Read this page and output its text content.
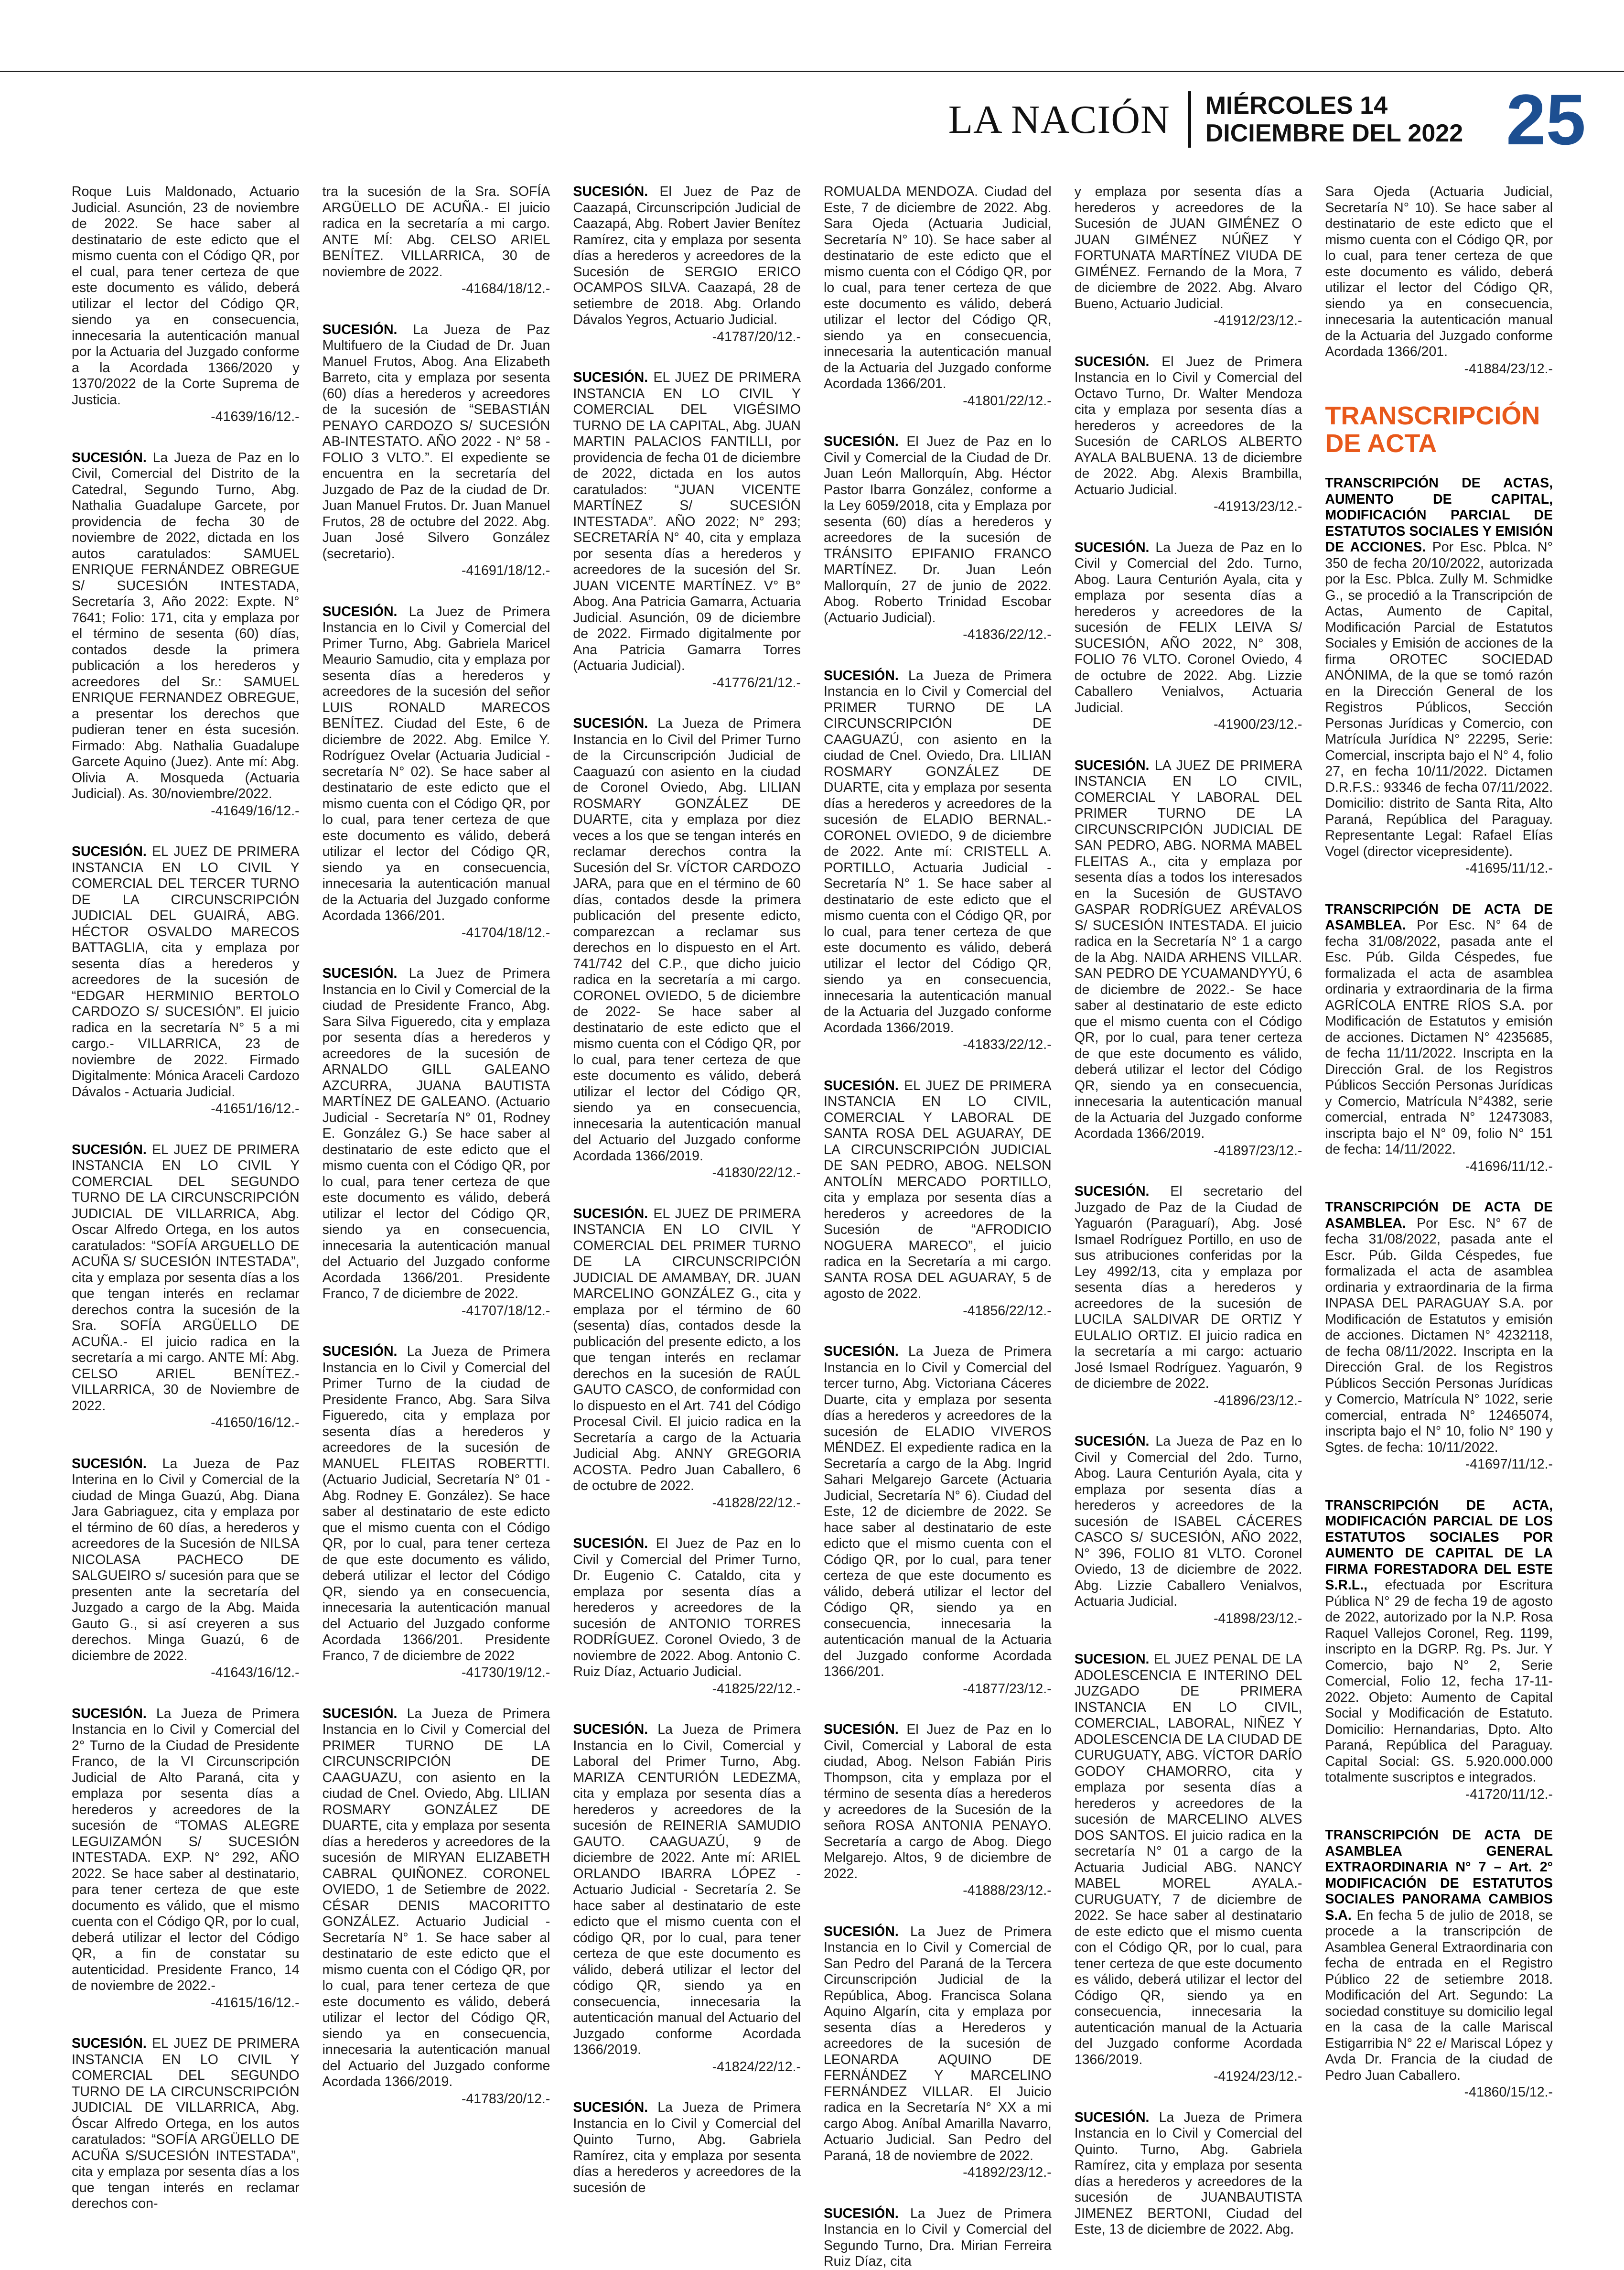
LA NACIÓN	MIÉRCOLES 14
DICIEMBRE DEL 2022 25

Roque Luis Maldonado, Actuario Judicial. Asunción, 23 de noviembre de 2022. Se hace saber al destinatario de este edicto que el mismo cuenta con el Código QR, por el cual, para tener certeza de que este documento es válido, deberá utilizar el lector del Código QR, siendo ya en consecuencia, innecesaria la autenticación manual por la Actuaria del Juzgado conforme a la Acordada 1366/2020 y 1370/2022 de la Corte Suprema de Justicia.
-41639/16/12.-

SUCESIÓN. La Jueza de Paz en lo Civil, Comercial del Distrito de la Catedral, Segundo Turno, Abg. Nathalia Guadalupe Garcete, por providencia de fecha 30 de noviembre de 2022, dictada en los autos caratulados: SAMUEL ENRIQUE FERNÁNDEZ OBREGUE S/ SUCESIÓN INTESTADA, Secretaría 3, Año 2022: Expte. N° 7641; Folio: 171, cita y emplaza por el término de sesenta (60) días, contados desde la primera publicación a los herederos y acreedores del Sr.: SAMUEL ENRIQUE FERNANDEZ OBREGUE, a presentar los derechos que pudieran tener en ésta sucesión. Firmado: Abg. Nathalia Guadalupe Garcete Aquino (Juez). Ante mí: Abg. Olivia A. Mosqueda (Actuaria Judicial). As. 30/noviembre/2022.
-41649/16/12.-

SUCESIÓN. EL JUEZ DE PRIMERA INSTANCIA EN LO CIVIL Y COMERCIAL DEL TERCER TURNO DE LA CIRCUNSCRIPCIÓN JUDICIAL DEL GUAIRÁ, ABG. HÉCTOR OSVALDO MARECOS BATTAGLIA, cita y emplaza por sesenta días a herederos y acreedores de la sucesión de “EDGAR HERMINIO BERTOLO CARDOZO S/ SUCESIÓN”. El juicio radica en la secretaría N° 5 a mi cargo.- VILLARRICA, 23 de noviembre de 2022. Firmado Digitalmente: Mónica Araceli Cardozo Dávalos - Actuaria Judicial.
-41651/16/12.-

SUCESIÓN. EL JUEZ DE PRIMERA INSTANCIA EN LO CIVIL Y COMERCIAL DEL SEGUNDO TURNO DE LA CIRCUNSCRIPCIÓN JUDICIAL DE VILLARRICA, Abg. Oscar Alfredo Ortega, en los autos caratulados: “SOFÍA ARGUELLO DE ACUÑA S/ SUCESIÓN INTESTADA”, cita y emplaza por sesenta días a los que tengan interés en reclamar derechos contra la sucesión de la Sra. SOFÍA ARGÜELLO DE ACUÑA.- El juicio radica en la secretaría a mi cargo. ANTE MÍ: Abg. CELSO ARIEL BENÍTEZ.- VILLARRICA, 30 de Noviembre de 2022.
-41650/16/12.-

SUCESIÓN. La Jueza de Paz Interina en lo Civil y Comercial de la ciudad de Minga Guazú, Abg. Diana Jara Gabriaguez, cita y emplaza por el término de 60 días, a herederos y acreedores de la Sucesión de NILSA NICOLASA PACHECO DE SALGUEIRO s/ sucesión para que se presenten ante la secretaría del Juzgado a cargo de la Abg. Maida Gauto G., si así creyeren a sus derechos. Minga Guazú, 6 de diciembre de 2022.
-41643/16/12.-

SUCESIÓN. La Jueza de Primera Instancia en lo Civil y Comercial del 2° Turno de la Ciudad de Presidente Franco, de la VI Circunscripción Judicial de Alto Paraná, cita y emplaza por sesenta días a herederos y acreedores de la sucesión de “TOMAS ALEGRE LEGUIZAMÓN S/ SUCESIÓN INTESTADA. EXP. N° 292, AÑO 2022. Se hace saber al destinatario, para tener certeza de que este documento es válido, que el mismo cuenta con el Código QR, por lo cual, deberá utilizar el lector del Código QR, a fin de constatar su autenticidad. Presidente Franco, 14 de noviembre de 2022.-
-41615/16/12.-

SUCESIÓN. EL JUEZ DE PRIMERA INSTANCIA EN LO CIVIL Y COMERCIAL DEL SEGUNDO TURNO DE LA CIRCUNSCRIPCIÓN JUDICIAL DE VILLARRICA, Abg. Óscar Alfredo Ortega, en los autos caratulados: “SOFÍA ARGÜELLO DE ACUÑA S/SUCESIÓN INTESTADA”, cita y emplaza por sesenta días a los que tengan interés en reclamar derechos con-

tra la sucesión de la Sra. SOFÍA ARGÜELLO DE ACUÑA.- El juicio radica en la secretaría a mi cargo. ANTE MÍ: Abg. CELSO ARIEL BENÍTEZ. VILLARRICA, 30 de noviembre de 2022.
-41684/18/12.-

SUCESIÓN. La Jueza de Paz Multifuero de la Ciudad de Dr. Juan Manuel Frutos, Abog. Ana Elizabeth Barreto, cita y emplaza por sesenta (60) días a herederos y acreedores de la sucesión de “SEBASTIÁN PENAYO CARDOZO S/ SUCESIÓN AB-INTESTATO. AÑO 2022 - N° 58 - FOLIO 3 VLTO.”. El expediente se encuentra en la secretaría del Juzgado de Paz de la ciudad de Dr. Juan Manuel Frutos. Dr. Juan Manuel Frutos, 28 de octubre del 2022. Abg. Juan José Silvero González (secretario).
-41691/18/12.-

SUCESIÓN. La Juez de Primera Instancia en lo Civil y Comercial del Primer Turno, Abg. Gabriela Maricel Meaurio Samudio, cita y emplaza por sesenta días a herederos y acreedores de la sucesión del señor LUIS RONALD MARECOS BENÍTEZ. Ciudad del Este, 6 de diciembre de 2022. Abg. Emilce Y. Rodríguez Ovelar (Actuaria Judicial - secretaría N° 02). Se hace saber al destinatario de este edicto que el mismo cuenta con el Código QR, por lo cual, para tener certeza de que este documento es válido, deberá utilizar el lector del Código QR, siendo ya en consecuencia, innecesaria la autenticación manual de la Actuaria del Juzgado conforme Acordada 1366/201.
-41704/18/12.-

SUCESIÓN. La Juez de Primera Instancia en lo Civil y Comercial de la ciudad de Presidente Franco, Abg. Sara Silva Figueredo, cita y emplaza por sesenta días a herederos y acreedores de la sucesión de ARNALDO GILL GALEANO AZCURRA, JUANA BAUTISTA MARTÍNEZ DE GALEANO. (Actuario Judicial - Secretaría N° 01, Rodney E. González G.) Se hace saber al destinatario de este edicto que el mismo cuenta con el Código QR, por lo cual, para tener certeza de que este documento es válido, deberá utilizar el lector del Código QR, siendo ya en consecuencia, innecesaria la autenticación manual del Actuario del Juzgado conforme Acordada 1366/201. Presidente Franco, 7 de diciembre de 2022.
-41707/18/12.-

SUCESIÓN. La Jueza de Primera Instancia en lo Civil y Comercial del Primer Turno de la ciudad de Presidente Franco, Abg. Sara Silva Figueredo, cita y emplaza por sesenta días a herederos y acreedores de la sucesión de MANUEL FLEITAS ROBERTTI. (Actuario Judicial, Secretaría N° 01 - Abg. Rodney E. González). Se hace saber al destinatario de este edicto que el mismo cuenta con el Código QR, por lo cual, para tener certeza de que este documento es válido, deberá utilizar el lector del Código QR, siendo ya en consecuencia, innecesaria la autenticación manual del Actuario del Juzgado conforme Acordada 1366/201. Presidente Franco, 7 de diciembre de 2022
-41730/19/12.-

SUCESIÓN. La Jueza de Primera Instancia en lo Civil y Comercial del PRIMER TURNO DE LA CIRCUNSCRIPCIÓN DE CAAGUAZU, con asiento en la ciudad de Cnel. Oviedo, Abg. LILIAN ROSMARY GONZÁLEZ DE DUARTE, cita y emplaza por sesenta días a herederos y acreedores de la sucesión de MIRYAN ELIZABETH CABRAL QUIÑONEZ. CORONEL OVIEDO, 1 de Setiembre de 2022. CÉSAR DENIS MACORITTO GONZÁLEZ. Actuario Judicial - Secretaría N° 1. Se hace saber al destinatario de este edicto que el mismo cuenta con el Código QR, por lo cual, para tener certeza de que este documento es válido, deberá utilizar el lector del Código QR, siendo ya en consecuencia, innecesaria la autenticación manual del Actuario del Juzgado conforme Acordada 1366/2019.
-41783/20/12.-

SUCESIÓN. El Juez de Paz de Caazapá, Circunscripción Judicial de Caazapá, Abg. Robert Javier Benítez Ramírez, cita y emplaza por sesenta días a herederos y acreedores de la Sucesión de SERGIO ERICO OCAMPOS SILVA. Caazapá, 28 de setiembre de 2018. Abg. Orlando Dávalos Yegros, Actuario Judicial.
-41787/20/12.-

SUCESIÓN. EL JUEZ DE PRIMERA INSTANCIA EN LO CIVIL Y COMERCIAL DEL VIGÉSIMO TURNO DE LA CAPITAL, Abg. JUAN MARTIN PALACIOS FANTILLI, por providencia de fecha 01 de diciembre de 2022, dictada en los autos caratulados: “JUAN VICENTE MARTÍNEZ S/ SUCESIÓN INTESTADA”. AÑO 2022; N° 293; SECRETARÍA N° 40, cita y emplaza por sesenta días a herederos y acreedores de la sucesión del Sr. JUAN VICENTE MARTÍNEZ. V° B° Abog. Ana Patricia Gamarra, Actuaria Judicial. Asunción, 09 de diciembre de 2022. Firmado digitalmente por Ana Patricia Gamarra Torres (Actuaria Judicial).
-41776/21/12.-

SUCESIÓN. La Jueza de Primera Instancia en lo Civil del Primer Turno de la Circunscripción Judicial de Caaguazú con asiento en la ciudad de Coronel Oviedo, Abg. LILIAN ROSMARY GONZÁLEZ DE DUARTE, cita y emplaza por diez veces a los que se tengan interés en reclamar derechos contra la Sucesión del Sr. VÍCTOR CARDOZO JARA, para que en el término de 60 días, contados desde la primera publicación del presente edicto, comparezcan a reclamar sus derechos en lo dispuesto en el Art. 741/742 del C.P., que dicho juicio radica en la secretaría a mi cargo. CORONEL OVIEDO, 5 de diciembre de 2022- Se hace saber al destinatario de este edicto que el mismo cuenta con el Código QR, por lo cual, para tener certeza de que este documento es válido, deberá utilizar el lector del Código QR, siendo ya en consecuencia, innecesaria la autenticación manual del Actuario del Juzgado conforme Acordada 1366/2019.
-41830/22/12.-

SUCESIÓN. EL JUEZ DE PRIMERA INSTANCIA EN LO CIVIL Y COMERCIAL DEL PRIMER TURNO DE LA CIRCUNSCRIPCIÓN JUDICIAL DE AMAMBAY, DR. JUAN MARCELINO GONZÁLEZ G., cita y emplaza por el término de 60 (sesenta) días, contados desde la publicación del presente edicto, a los que tengan interés en reclamar derechos en la sucesión de RAÚL GAUTO CASCO, de conformidad con lo dispuesto en el Art. 741 del Código Procesal Civil. El juicio radica en la Secretaría a cargo de la Actuaria Judicial Abg. ANNY GREGORIA ACOSTA. Pedro Juan Caballero, 6 de octubre de 2022.
-41828/22/12.-

SUCESIÓN. El Juez de Paz en lo Civil y Comercial del Primer Turno, Dr. Eugenio C. Cataldo, cita y emplaza por sesenta días a herederos y acreedores de la sucesión de ANTONIO TORRES RODRÍGUEZ. Coronel Oviedo, 3 de noviembre de 2022. Abog. Antonio C. Ruiz Díaz, Actuario Judicial.
-41825/22/12.-

SUCESIÓN. La Jueza de Primera Instancia en lo Civil, Comercial y Laboral del Primer Turno, Abg. MARIZA CENTURIÓN LEDEZMA, cita y emplaza por sesenta días a herederos y acreedores de la sucesión de REINERIA SAMUDIO GAUTO. CAAGUAZÚ, 9 de diciembre de 2022. Ante mí: ARIEL ORLANDO IBARRA LÓPEZ - Actuario Judicial - Secretaría 2. Se hace saber al destinatario de este edicto que el mismo cuenta con el código QR, por lo cual, para tener certeza de que este documento es válido, deberá utilizar el lector del código QR, siendo ya en consecuencia, innecesaria la autenticación manual del Actuario del Juzgado conforme Acordada 1366/2019.
-41824/22/12.-

SUCESIÓN. La Jueza de Primera Instancia en lo Civil y Comercial del Quinto Turno, Abg. Gabriela Ramírez, cita y emplaza por sesenta días a herederos y acreedores de la sucesión de

ROMUALDA MENDOZA. Ciudad del Este, 7 de diciembre de 2022. Abg. Sara Ojeda (Actuaria Judicial, Secretaría N° 10). Se hace saber al destinatario de este edicto que el mismo cuenta con el Código QR, por lo cual, para tener certeza de que este documento es válido, deberá utilizar el lector del Código QR, siendo ya en consecuencia, innecesaria la autenticación manual de la Actuaria del Juzgado conforme Acordada 1366/201.
-41801/22/12.-

SUCESIÓN. El Juez de Paz en lo Civil y Comercial de la Ciudad de Dr. Juan León Mallorquín, Abg. Héctor Pastor Ibarra González, conforme a la Ley 6059/2018, cita y Emplaza por sesenta (60) días a herederos y acreedores de la sucesión de TRÁNSITO EPIFANIO FRANCO MARTÍNEZ. Dr. Juan León Mallorquín, 27 de junio de 2022. Abog. Roberto Trinidad Escobar (Actuario Judicial).
-41836/22/12.-

SUCESIÓN. La Jueza de Primera Instancia en lo Civil y Comercial del PRIMER TURNO DE LA CIRCUNSCRIPCIÓN DE CAAGUAZÚ, con asiento en la ciudad de Cnel. Oviedo, Dra. LILIAN ROSMARY GONZÁLEZ DE DUARTE, cita y emplaza por sesenta días a herederos y acreedores de la sucesión de ELADIO BERNAL.- CORONEL OVIEDO, 9 de diciembre de 2022. Ante mí: CRISTELL A. PORTILLO, Actuaria Judicial - Secretaría N° 1. Se hace saber al destinatario de este edicto que el mismo cuenta con el Código QR, por lo cual, para tener certeza de que este documento es válido, deberá utilizar el lector del Código QR, siendo ya en consecuencia, innecesaria la autenticación manual de la Actuaria del Juzgado conforme Acordada 1366/2019.
-41833/22/12.-

SUCESIÓN. EL JUEZ DE PRIMERA INSTANCIA EN LO CIVIL, COMERCIAL Y LABORAL DE SANTA ROSA DEL AGUARAY, DE LA CIRCUNSCRIPCIÓN JUDICIAL DE SAN PEDRO, ABOG. NELSON ANTOLÍN MERCADO PORTILLO, cita y emplaza por sesenta días a herederos y acreedores de la Sucesión de “AFRODICIO NOGUERA MARECO”, el juicio radica en la Secretaría a mi cargo. SANTA ROSA DEL AGUARAY, 5 de agosto de 2022.
-41856/22/12.-

SUCESIÓN. La Jueza de Primera Instancia en lo Civil y Comercial del tercer turno, Abg. Victoriana Cáceres Duarte, cita y emplaza por sesenta días a herederos y acreedores de la sucesión de ELADIO VIVEROS MÉNDEZ. El expediente radica en la Secretaría a cargo de la Abg. Ingrid Sahari Melgarejo Garcete (Actuaria Judicial, Secretaría N° 6). Ciudad del Este, 12 de diciembre de 2022. Se hace saber al destinatario de este edicto que el mismo cuenta con el Código QR, por lo cual, para tener certeza de que este documento es válido, deberá utilizar el lector del Código QR, siendo ya en consecuencia, innecesaria la autenticación manual de la Actuaria del Juzgado conforme Acordada 1366/201.
-41877/23/12.-

SUCESIÓN. El Juez de Paz en lo Civil, Comercial y Laboral de esta ciudad, Abog. Nelson Fabián Piris Thompson, cita y emplaza por el término de sesenta días a herederos y acreedores de la Sucesión de la señora ROSA ANTONIA PENAYO. Secretaría a cargo de Abog. Diego Melgarejo. Altos, 9 de diciembre de 2022.
-41888/23/12.-

SUCESIÓN. La Juez de Primera Instancia en lo Civil y Comercial de San Pedro del Paraná de la Tercera Circunscripción Judicial de la República, Abog. Francisca Solana Aquino Algarín, cita y emplaza por sesenta días a Herederos y acreedores de la sucesión de LEONARDA AQUINO DE FERNÁNDEZ Y MARCELINO FERNÁNDEZ VILLAR. El Juicio radica en la Secretaría N° XX a mi cargo Abog. Aníbal Amarilla Navarro, Actuario Judicial. San Pedro del Paraná, 18 de noviembre de 2022.
-41892/23/12.-

SUCESIÓN. La Juez de Primera Instancia en lo Civil y Comercial del Segundo Turno, Dra. Mirian Ferreira Ruiz Díaz, cita

y emplaza por sesenta días a herederos y acreedores de la Sucesión de JUAN GIMÉNEZ O JUAN GIMÉNEZ NÚÑEZ Y FORTUNATA MARTÍNEZ VIUDA DE GIMÉNEZ. Fernando de la Mora, 7 de diciembre de 2022. Abg. Alvaro Bueno, Actuario Judicial.
-41912/23/12.-

SUCESIÓN. El Juez de Primera Instancia en lo Civil y Comercial del Octavo Turno, Dr. Walter Mendoza cita y emplaza por sesenta días a herederos y acreedores de la Sucesión de CARLOS ALBERTO AYALA BALBUENA. 13 de diciembre de 2022. Abg. Alexis Brambilla, Actuario Judicial.
-41913/23/12.-

SUCESIÓN. La Jueza de Paz en lo Civil y Comercial del 2do. Turno, Abog. Laura Centurión Ayala, cita y emplaza por sesenta días a herederos y acreedores de la sucesión de FELIX LEIVA S/ SUCESIÓN, AÑO 2022, N° 308, FOLIO 76 VLTO. Coronel Oviedo, 4 de octubre de 2022. Abg. Lizzie Caballero Venialvos, Actuaria Judicial.
-41900/23/12.-

SUCESIÓN. LA JUEZ DE PRIMERA INSTANCIA EN LO CIVIL, COMERCIAL Y LABORAL DEL PRIMER TURNO DE LA CIRCUNSCRIPCIÓN JUDICIAL DE SAN PEDRO, ABG. NORMA MABEL FLEITAS A., cita y emplaza por sesenta días a todos los interesados en la Sucesión de GUSTAVO GASPAR RODRÍGUEZ ARÉVALOS S/ SUCESIÓN INTESTADA. El juicio radica en la Secretaría N° 1 a cargo de la Abg. NAIDA ARHENS VILLAR. SAN PEDRO DE YCUAMANDYYÚ, 6 de diciembre de 2022.- Se hace saber al destinatario de este edicto que el mismo cuenta con el Código QR, por lo cual, para tener certeza de que este documento es válido, deberá utilizar el lector del Código QR, siendo ya en consecuencia, innecesaria la autenticación manual de la Actuaria del Juzgado conforme Acordada 1366/2019.
-41897/23/12.-

SUCESIÓN. El secretario del Juzgado de Paz de la Ciudad de Yaguarón (Paraguarí), Abg. José Ismael Rodríguez Portillo, en uso de sus atribuciones conferidas por la Ley 4992/13, cita y emplaza por sesenta días a herederos y acreedores de la sucesión de LUCILA SALDIVAR DE ORTIZ Y EULALIO ORTIZ. El juicio radica en la secretaría a mi cargo: actuario José Ismael Rodríguez. Yaguarón, 9 de diciembre de 2022.
-41896/23/12.-

SUCESIÓN. La Jueza de Paz en lo Civil y Comercial del 2do. Turno, Abog. Laura Centurión Ayala, cita y emplaza por sesenta días a herederos y acreedores de la sucesión de ISABEL CÁCERES CASCO S/ SUCESIÓN, AÑO 2022, N° 396, FOLIO 81 VLTO. Coronel Oviedo, 13 de diciembre de 2022. Abg. Lizzie Caballero Venialvos, Actuaria Judicial.
-41898/23/12.-

SUCESION. EL JUEZ PENAL DE LA ADOLESCENCIA E INTERINO DEL JUZGADO DE PRIMERA INSTANCIA EN LO CIVIL, COMERCIAL, LABORAL, NIÑEZ Y ADOLESCENCIA DE LA CIUDAD DE CURUGUATY, ABG. VÍCTOR DARÍO GODOY CHAMORRO, cita y emplaza por sesenta días a herederos y acreedores de la sucesión de MARCELINO ALVES DOS SANTOS. El juicio radica en la secretaría N° 01 a cargo de la Actuaria Judicial ABG. NANCY MABEL MOREL AYALA.- CURUGUATY, 7 de diciembre de 2022. Se hace saber al destinatario de este edicto que el mismo cuenta con el Código QR, por lo cual, para tener certeza de que este documento es válido, deberá utilizar el lector del Código QR, siendo ya en consecuencia, innecesaria la autenticación manual de la Actuaria del Juzgado conforme Acordada 1366/2019.
-41924/23/12.-

SUCESIÓN. La Jueza de Primera Instancia en lo Civil y Comercial del Quinto. Turno, Abg. Gabriela Ramírez, cita y emplaza por sesenta días a herederos y acreedores de la sucesión de JUANBAUTISTA JIMENEZ BERTONI, Ciudad del Este, 13 de diciembre de 2022. Abg.

Sara Ojeda (Actuaria Judicial, Secretaría N° 10). Se hace saber al destinatario de este edicto que el mismo cuenta con el Código QR, por lo cual, para tener certeza de que este documento es válido, deberá utilizar el lector del Código QR, siendo ya en consecuencia, innecesaria la autenticación manual de la Actuaria del Juzgado conforme Acordada 1366/201.
-41884/23/12.-

TRANSCRIPCIÓN DE ACTA

TRANSCRIPCIÓN DE ACTAS, AUMENTO DE CAPITAL, MODIFICACIÓN PARCIAL DE ESTATUTOS SOCIALES Y EMISIÓN DE ACCIONES. Por Esc. Pblca. N° 350 de fecha 20/10/2022, autorizada por la Esc. Pblca. Zully M. Schmidke G., se procedió a la Transcripción de Actas, Aumento de Capital, Modificación Parcial de Estatutos Sociales y Emisión de acciones de la firma OROTEC SOCIEDAD ANÓNIMA, de la que se tomó razón en la Dirección General de los Registros Públicos, Sección Personas Jurídicas y Comercio, con Matrícula Jurídica N° 22295, Serie: Comercial, inscripta bajo el N° 4, folio 27, en fecha 10/11/2022. Dictamen D.R.F.S.: 93346 de fecha 07/11/2022. Domicilio: distrito de Santa Rita, Alto Paraná, República del Paraguay. Representante Legal: Rafael Elías Vogel (director vicepresidente).
-41695/11/12.-

TRANSCRIPCIÓN DE ACTA DE ASAMBLEA. Por Esc. N° 64 de fecha 31/08/2022, pasada ante el Esc. Púb. Gilda Céspedes, fue formalizada el acta de asamblea ordinaria y extraordinaria de la firma AGRÍCOLA ENTRE RÍOS S.A. por Modificación de Estatutos y emisión de acciones. Dictamen N° 4235685, de fecha 11/11/2022. Inscripta en la Dirección Gral. de los Registros Públicos Sección Personas Jurídicas y Comercio, Matrícula N°4382, serie comercial, entrada N° 12473083, inscripta bajo el N° 09, folio N° 151 de fecha: 14/11/2022.
-41696/11/12.-

TRANSCRIPCIÓN DE ACTA DE ASAMBLEA. Por Esc. N° 67 de fecha 31/08/2022, pasada ante el Escr. Púb. Gilda Céspedes, fue formalizada el acta de asamblea ordinaria y extraordinaria de la firma INPASA DEL PARAGUAY S.A. por Modificación de Estatutos y emisión de acciones. Dictamen N° 4232118, de fecha 08/11/2022. Inscripta en la Dirección Gral. de los Registros Públicos Sección Personas Jurídicas y Comercio, Matrícula N° 1022, serie comercial, entrada N° 12465074, inscripta bajo el N° 10, folio N° 190 y Sgtes. de fecha: 10/11/2022.
-41697/11/12.-

TRANSCRIPCIÓN DE ACTA, MODIFICACIÓN PARCIAL DE LOS ESTATUTOS SOCIALES POR AUMENTO DE CAPITAL DE LA FIRMA FORESTADORA DEL ESTE S.R.L., efectuada por Escritura Pública N° 29 de fecha 19 de agosto de 2022, autorizado por la N.P. Rosa Raquel Vallejos Coronel, Reg. 1199, inscripto en la DGRP. Rg. Ps. Jur. Y Comercio, bajo N° 2, Serie Comercial, Folio 12, fecha 17-11-2022. Objeto: Aumento de Capital Social y Modificación de Estatuto. Domicilio: Hernandarias, Dpto. Alto Paraná, República del Paraguay. Capital Social: GS. 5.920.000.000 totalmente suscriptos e integrados.
-41720/11/12.-

TRANSCRIPCIÓN DE ACTA DE ASAMBLEA GENERAL EXTRAORDINARIA N° 7 – Art. 2° MODIFICACIÓN DE ESTATUTOS SOCIALES PANORAMA CAMBIOS S.A. En fecha 5 de julio de 2018, se procede a la transcripción de Asamblea General Extraordinaria con fecha de entrada en el Registro Público 22 de setiembre 2018. Modificación del Art. Segundo: La sociedad constituye su domicilio legal en la casa de la calle Mariscal Estigarribia N° 22 e/ Mariscal López y Avda Dr. Francia de la ciudad de Pedro Juan Caballero.
-41860/15/12.-
